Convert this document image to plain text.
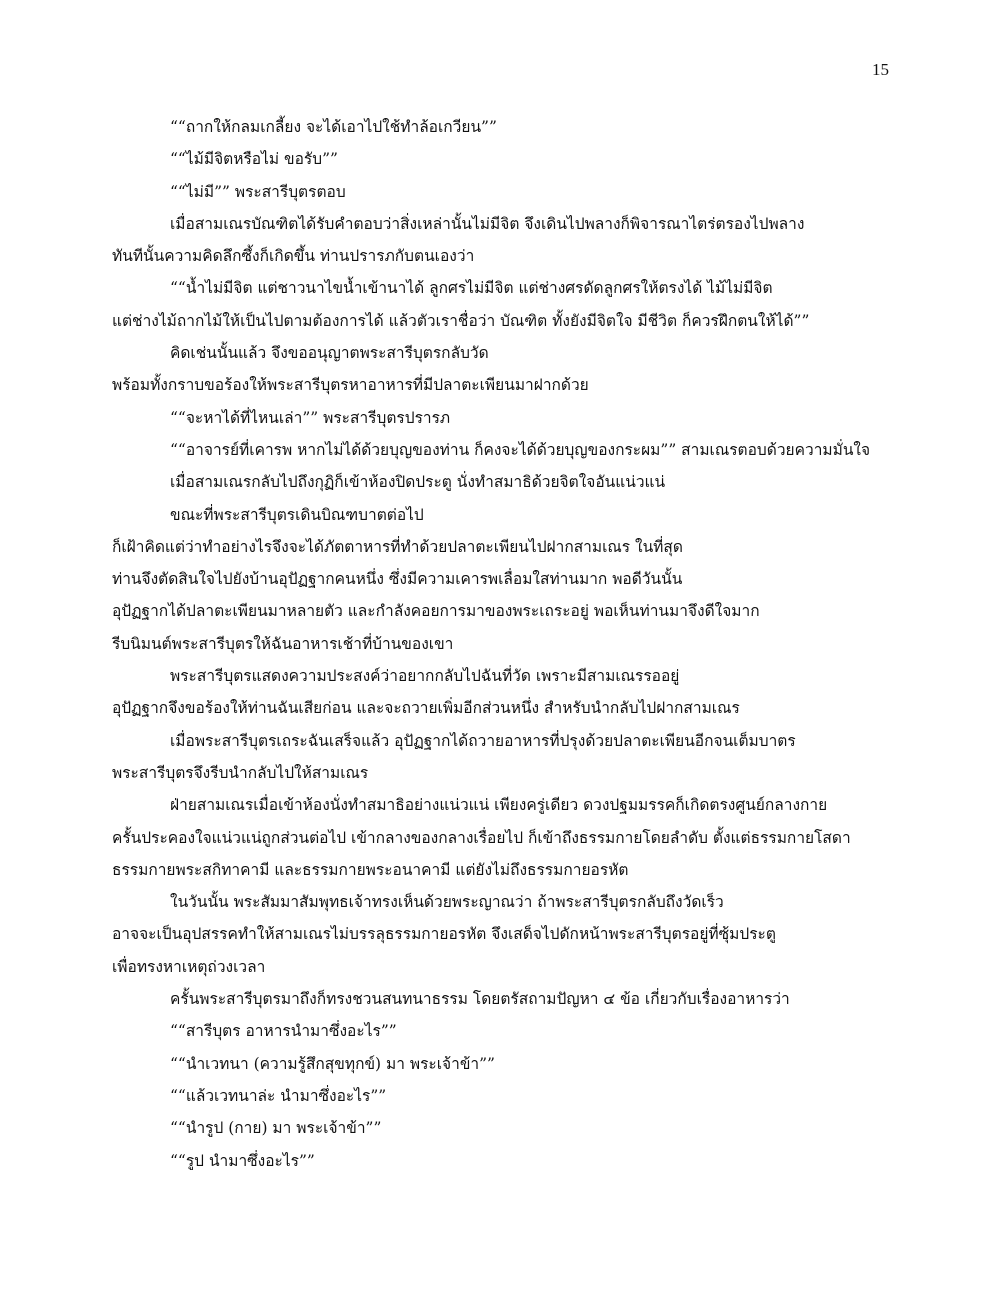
15
““ถากให้กลมเกลี้ยง จะได้เอาไปใช้ทำล้อเกวียน””
““ไม้มีจิตหรือไม่ ขอรับ””
““ไม่มี”” พระสารีบุตรตอบ
เมื่อสามเณรบัณฑิตได้รับคำตอบว่าสิ่งเหล่านั้นไม่มีจิต จึงเดินไปพลางก็พิจารณาไตร่ตรองไปพลาง
ทันทีนั้นความคิดลึกซึ้งก็เกิดขึ้น ท่านปรารภกับตนเองว่า
““น้ำไม่มีจิต แต่ชาวนาไขน้ำเข้านาได้ ลูกศรไม่มีจิต แต่ช่างศรดัดลูกศรให้ตรงได้ ไม้ไม่มีจิต
แต่ช่างไม้ถากไม้ให้เป็นไปตามต้องการได้ แล้วตัวเราชื่อว่า บัณฑิต ทั้งยังมีจิตใจ มีชีวิต ก็ควรฝึกตนให้ได้””
คิดเช่นนั้นแล้ว จึงขออนุญาตพระสารีบุตรกลับวัด
พร้อมทั้งกราบขอร้องให้พระสารีบุตรหาอาหารที่มีปลาตะเพียนมาฝากด้วย
““จะหาได้ที่ไหนเล่า”” พระสารีบุตรปรารภ
““อาจารย์ที่เคารพ หากไม่ได้ด้วยบุญของท่าน ก็คงจะได้ด้วยบุญของกระผม”” สามเณรตอบด้วยความมั่นใจ
เมื่อสามเณรกลับไปถึงกุฏิก็เข้าห้องปิดประตู นั่งทำสมาธิด้วยจิตใจอันแน่วแน่
ขณะที่พระสารีบุตรเดินบิณฑบาตต่อไป
ก็เฝ้าคิดแต่ว่าทำอย่างไรจึงจะได้ภัตตาหารที่ทำด้วยปลาตะเพียนไปฝากสามเณร ในที่สุด
ท่านจึงตัดสินใจไปยังบ้านอุปัฏฐากคนหนึ่ง ซึ่งมีความเคารพเลื่อมใสท่านมาก พอดีวันนั้น
อุปัฏฐากได้ปลาตะเพียนมาหลายตัว และกำลังคอยการมาของพระเถระอยู่ พอเห็นท่านมาจึงดีใจมาก
รีบนิมนต์พระสารีบุตรให้ฉันอาหารเช้าที่บ้านของเขา
พระสารีบุตรแสดงความประสงค์ว่าอยากกลับไปฉันที่วัด เพราะมีสามเณรรออยู่
อุปัฏฐากจึงขอร้องให้ท่านฉันเสียก่อน และจะถวายเพิ่มอีกส่วนหนึ่ง สำหรับนำกลับไปฝากสามเณร
เมื่อพระสารีบุตรเถระฉันเสร็จแล้ว อุปัฏฐากได้ถวายอาหารที่ปรุงด้วยปลาตะเพียนอีกจนเต็มบาตร
พระสารีบุตรจึงรีบนำกลับไปให้สามเณร
ฝ่ายสามเณรเมื่อเข้าห้องนั่งทำสมาธิอย่างแน่วแน่ เพียงครู่เดียว ดวงปฐมมรรคก็เกิดตรงศูนย์กลางกาย
ครั้นประคองใจแน่วแน่ถูกส่วนต่อไป เข้ากลางของกลางเรื่อยไป ก็เข้าถึงธรรมกายโดยลำดับ ตั้งแต่ธรรมกายโสดา
ธรรมกายพระสกิทาคามี และธรรมกายพระอนาคามี แต่ยังไม่ถึงธรรมกายอรหัต
ในวันนั้น พระสัมมาสัมพุทธเจ้าทรงเห็นด้วยพระญาณว่า ถ้าพระสารีบุตรกลับถึงวัดเร็ว
อาจจะเป็นอุปสรรคทำให้สามเณรไม่บรรลุธรรมกายอรหัต จึงเสด็จไปดักหน้าพระสารีบุตรอยู่ที่ซุ้มประตู
เพื่อทรงหาเหตุถ่วงเวลา
ครั้นพระสารีบุตรมาถึงก็ทรงชวนสนทนาธรรม โดยตรัสถามปัญหา ๔ ข้อ เกี่ยวกับเรื่องอาหารว่า
““สารีบุตร อาหารนำมาซึ่งอะไร””
““นำเวทนา (ความรู้สึกสุขทุกข์) มา พระเจ้าข้า””
““แล้วเวทนาล่ะ นำมาซึ่งอะไร””
““นำรูป (กาย) มา พระเจ้าข้า””
““รูป นำมาซึ่งอะไร””
